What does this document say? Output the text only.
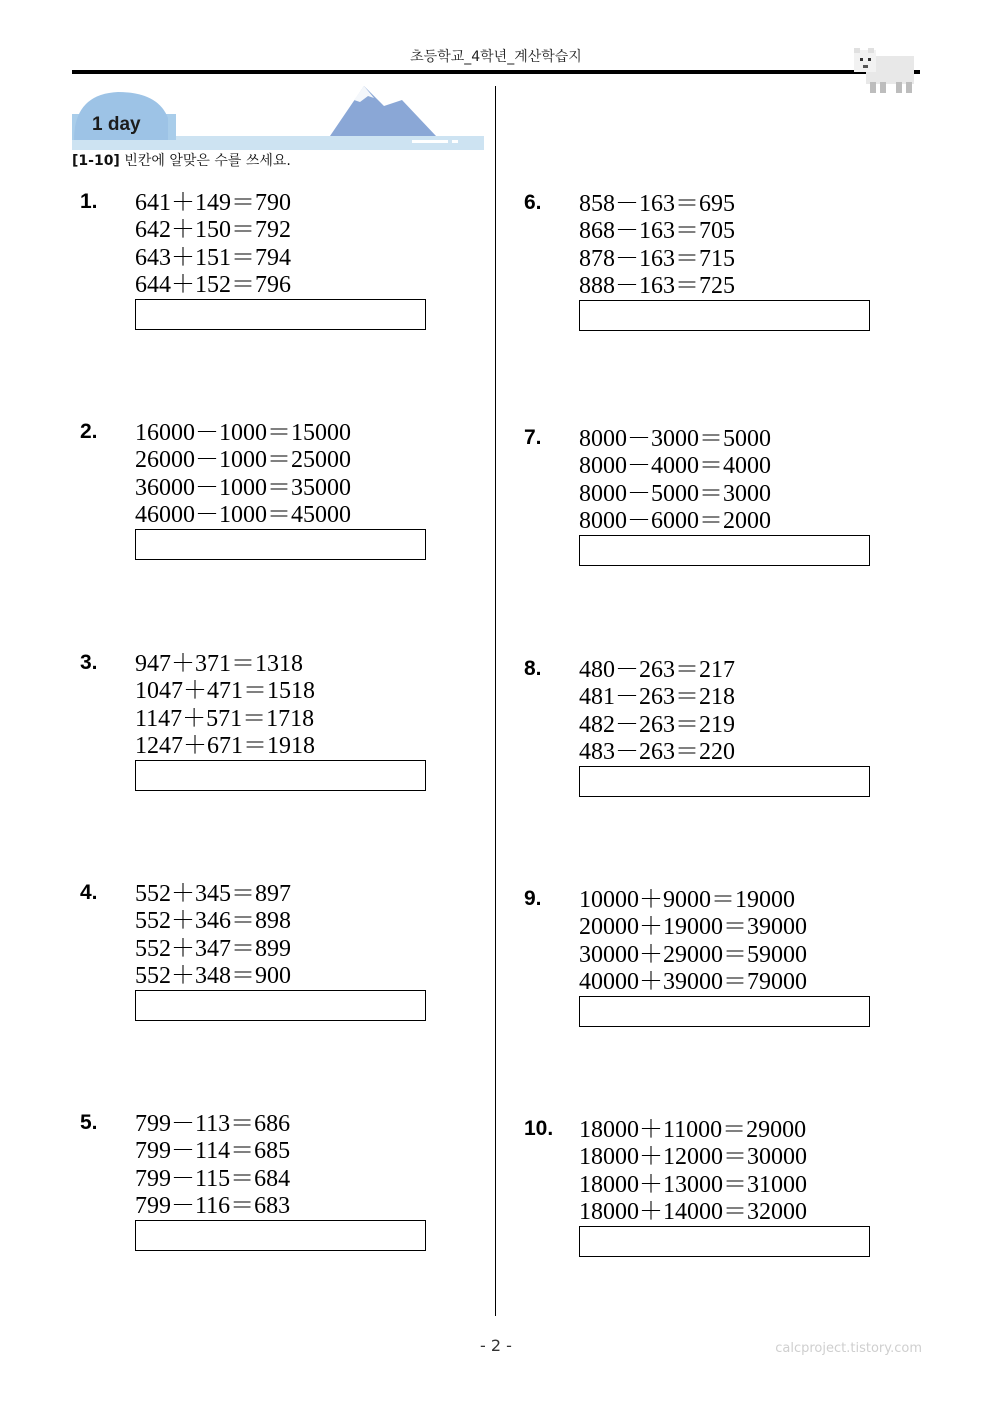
초등학교_4학년_계산학습지
1 day
[1-10] 빈칸에 알맞은 수를 쓰세요.
1. 641＋149＝790
642＋150＝792
643＋151＝794
644＋152＝796
2. 16000－1000＝15000
26000－1000＝25000
36000－1000＝35000
46000－1000＝45000
3. 947＋371＝1318
1047＋471＝1518
1147＋571＝1718
1247＋671＝1918
4. 552＋345＝897
552＋346＝898
552＋347＝899
552＋348＝900
5. 799－113＝686
799－114＝685
799－115＝684
799－116＝683
6. 858－163＝695
868－163＝705
878－163＝715
888－163＝725
7. 8000－3000＝5000
8000－4000＝4000
8000－5000＝3000
8000－6000＝2000
8. 480－263＝217
481－263＝218
482－263＝219
483－263＝220
9. 10000＋9000＝19000
20000＋19000＝39000
30000＋29000＝59000
40000＋39000＝79000
10. 18000＋11000＝29000
18000＋12000＝30000
18000＋13000＝31000
18000＋14000＝32000
- 2 -	calcproject.tistory.com
